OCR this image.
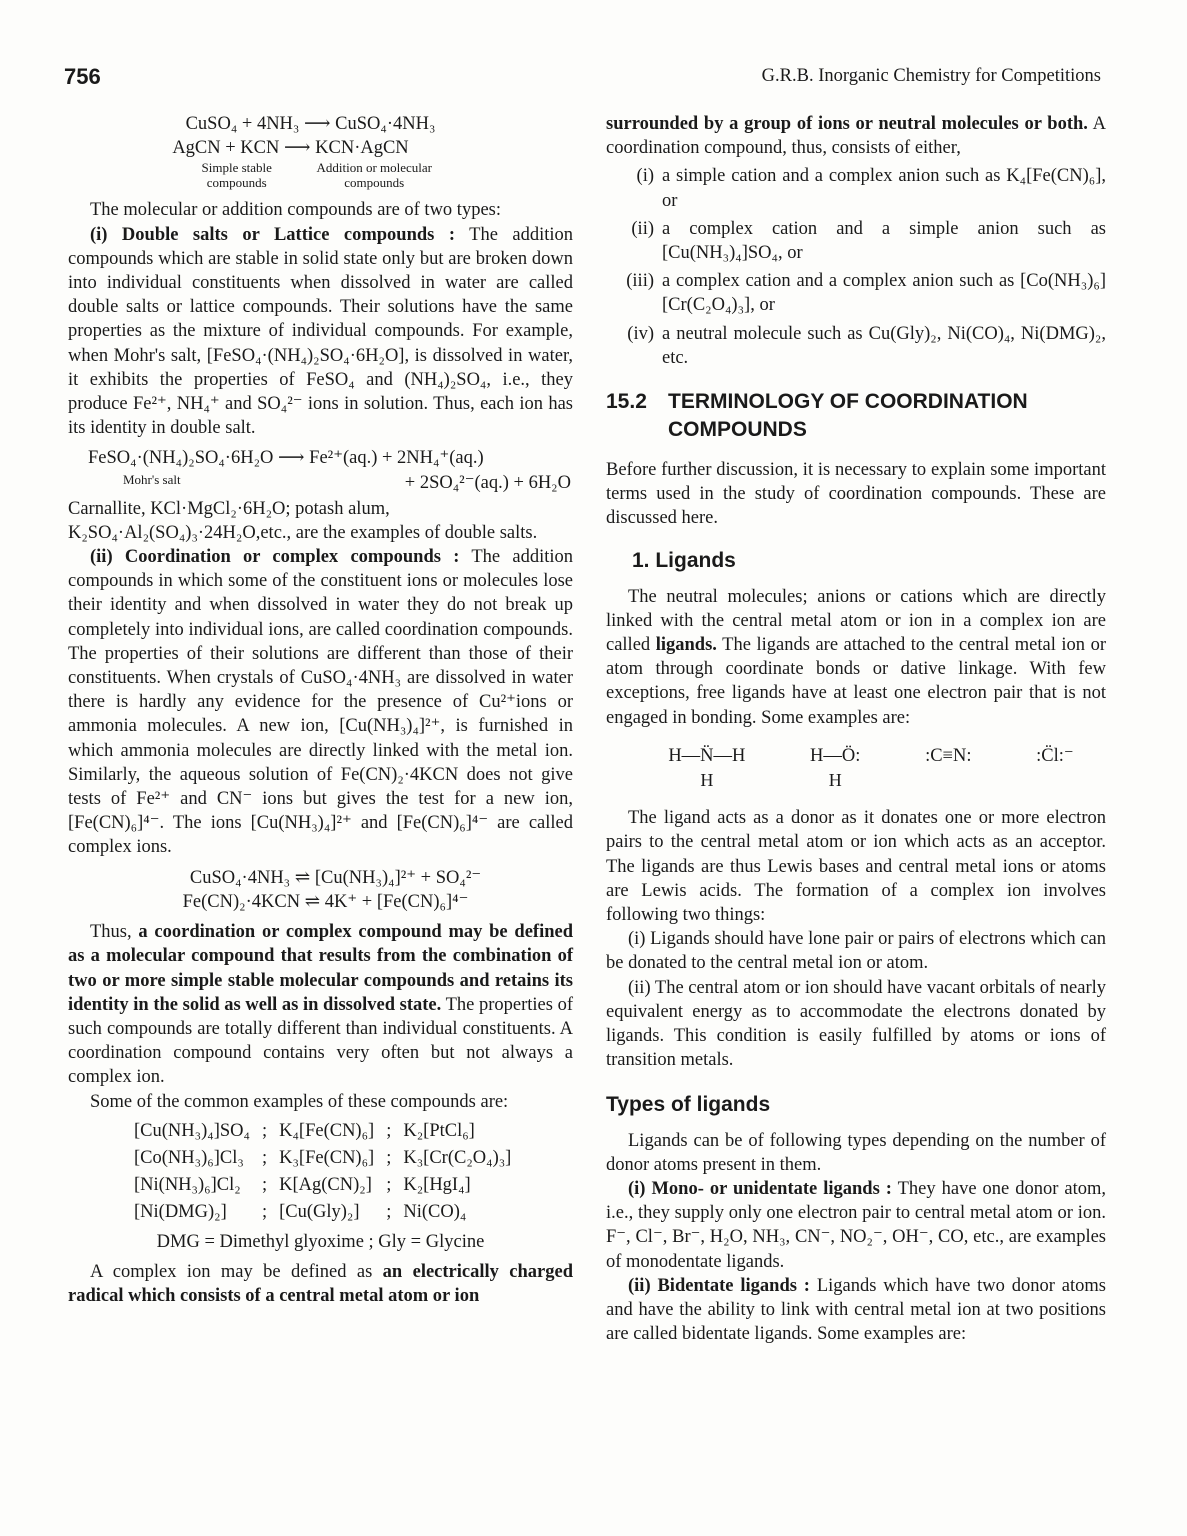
756	G.R.B. Inorganic Chemistry for Competitions
CuSO₄ + 4NH₃ ⟶ CuSO₄·4NH₃
AgCN + KCN ⟶ KCN·AgCN
Simple stable compounds
Addition or molecular compounds

The molecular or addition compounds are of two types:

(i) Double salts or Lattice compounds : The addition compounds which are stable in solid state only but are broken down into individual constituents when dissolved in water are called double salts or lattice compounds. Their solutions have the same properties as the mixture of individual compounds. For example, when Mohr's salt, [FeSO₄·(NH₄)₂SO₄·6H₂O], is dissolved in water, it exhibits the properties of FeSO₄ and (NH₄)₂SO₄, i.e., they produce Fe²⁺, NH₄⁺ and SO₄²⁻ ions in solution. Thus, each ion has its identity in double salt.

FeSO₄·(NH₄)₂SO₄·6H₂O ⟶ Fe²⁺(aq.) + 2NH₄⁺(aq.)
$^{Mohr's salt}$	+ 2SO₄²⁻(aq.) + 6H₂O

Carnallite, KCl·MgCl₂·6H₂O; potash alum,

K₂SO₄·Al₂(SO₄)₃·24H₂O,etc., are the examples of double salts.

(ii) Coordination or complex compounds : The addition compounds in which some of the constituent ions or molecules lose their identity and when dissolved in water they do not break up completely into individual ions, are called coordination compounds. The properties of their solutions are different than those of their constituents. When crystals of CuSO₄·4NH₃ are dissolved in water there is hardly any evidence for the presence of Cu²⁺ions or ammonia molecules. A new ion, [Cu(NH₃)₄]²⁺, is furnished in which ammonia molecules are directly linked with the metal ion. Similarly, the aqueous solution of Fe(CN)₂·4KCN does not give tests of Fe²⁺ and CN⁻ ions but gives the test for a new ion, [Fe(CN)₆]⁴⁻. The ions [Cu(NH₃)₄]²⁺ and [Fe(CN)₆]⁴⁻ are called complex ions.

CuSO₄·4NH₃ ⇌ [Cu(NH₃)₄]²⁺ + SO₄²⁻
Fe(CN)₂·4KCN ⇌ 4K⁺ + [Fe(CN)₆]⁴⁻

Thus, a coordination or complex compound may be defined as a molecular compound that results from the combination of two or more simple stable molecular compounds and retains its identity in the solid as well as in dissolved state. The properties of such compounds are totally different than individual constituents. A coordination compound contains very often but not always a complex ion.

Some of the common examples of these compounds are:

[Cu(NH₃)₄]SO₄	;	K₄[Fe(CN)₆]	;	K₂[PtCl₆]
[Co(NH₃)₆]Cl₃	;	K₃[Fe(CN)₆]	;	K₃[Cr(C₂O₄)₃]
[Ni(NH₃)₆]Cl₂	;	K[Ag(CN)₂]	;	K₂[HgI₄]
[Ni(DMG)₂]	;	[Cu(Gly)₂]	;	Ni(CO)₄
DMG = Dimethyl glyoxime ; Gly = Glycine

A complex ion may be defined as an electrically charged radical which consists of a central metal atom or ion

surrounded by a group of ions or neutral molecules or both. A coordination compound, thus, consists of either,

(i) a simple cation and a complex anion such as K₄[Fe(CN)₆], or
(ii) a complex cation and a simple anion such as [Cu(NH₃)₄]SO₄, or
(iii) a complex cation and a complex anion such as [Co(NH₃)₆][Cr(C₂O₄)₃], or
(iv) a neutral molecule such as Cu(Gly)₂, Ni(CO)₄, Ni(DMG)₂, etc.
15.2	TERMINOLOGY OF COORDINATION COMPOUNDS

Before further discussion, it is necessary to explain some important terms used in the study of coordination compounds. These are discussed here.

1. Ligands

The neutral molecules; anions or cations which are directly linked with the central metal atom or ion in a complex ion are called ligands. The ligands are attached to the central metal ion or atom through coordinate bonds or dative linkage. With few exceptions, free ligands have at least one electron pair that is not engaged in bonding. Some examples are:

H—N̈—H
H
H—Ö:
H
:C≡N:	:C̈l:⁻

The ligand acts as a donor as it donates one or more electron pairs to the central metal atom or ion which acts as an acceptor. The ligands are thus Lewis bases and central metal ions or atoms are Lewis acids. The formation of a complex ion involves following two things:

(i) Ligands should have lone pair or pairs of electrons which can be donated to the central metal ion or atom.

(ii) The central atom or ion should have vacant orbitals of nearly equivalent energy as to accommodate the electrons donated by ligands. This condition is easily fulfilled by atoms or ions of transition metals.

Types of ligands

Ligands can be of following types depending on the number of donor atoms present in them.

(i) Mono- or unidentate ligands : They have one donor atom, i.e., they supply only one electron pair to central metal atom or ion. F⁻, Cl⁻, Br⁻, H₂O, NH₃, CN⁻, NO₂⁻, OH⁻, CO, etc., are examples of monodentate ligands.

(ii) Bidentate ligands : Ligands which have two donor atoms and have the ability to link with central metal ion at two positions are called bidentate ligands. Some examples are:
